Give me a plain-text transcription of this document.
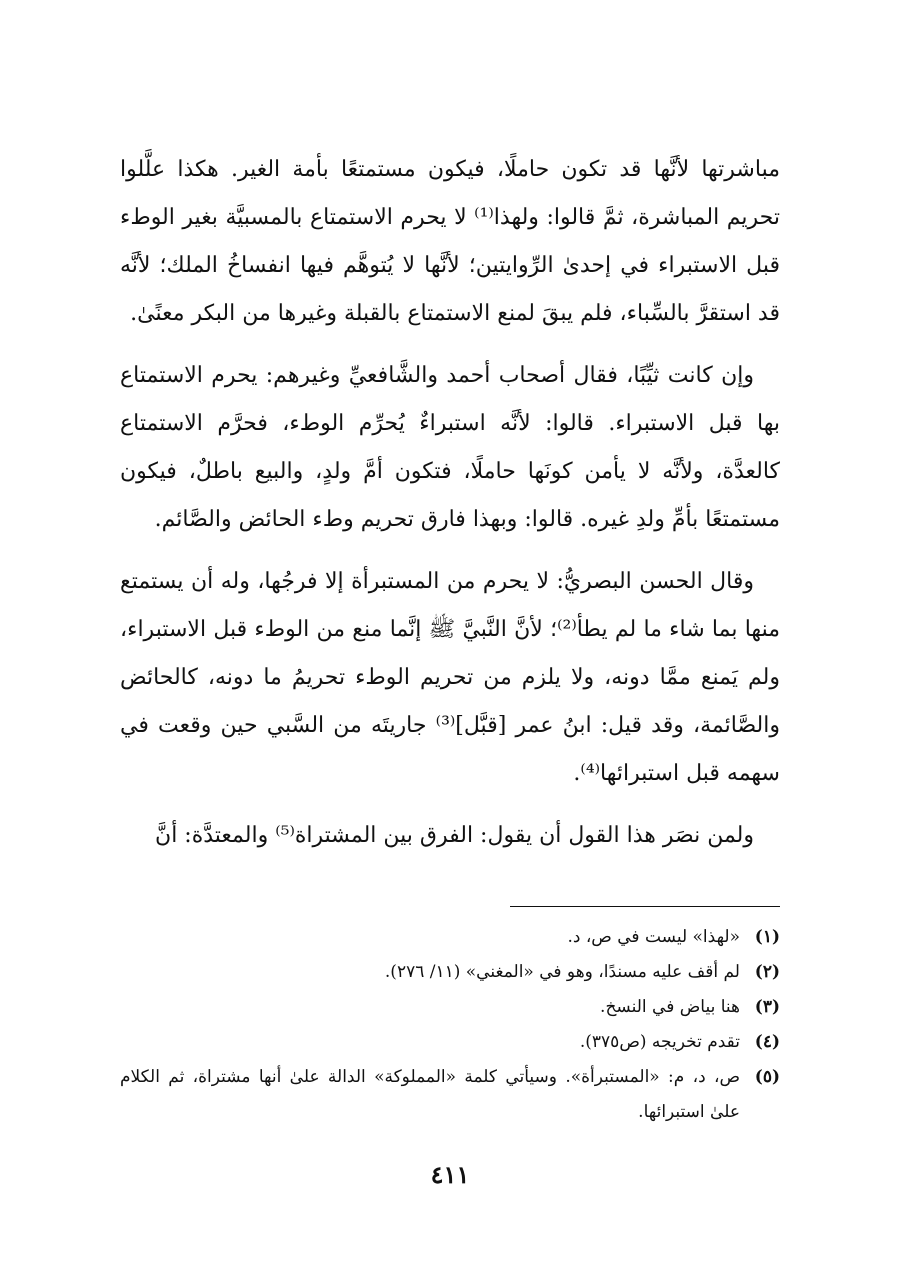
مباشرتها لأنَّها قد تكون حاملًا، فيكون مستمتعًا بأمة الغير. هكذا علَّلوا تحريم المباشرة، ثمَّ قالوا: ولهذا⁽¹⁾ لا يحرم الاستمتاع بالمسبيَّة بغير الوطء قبل الاستبراء في إحدىٰ الرِّوايتين؛ لأنَّها لا يُتوهَّم فيها انفساخُ الملك؛ لأنَّه قد استقرَّ بالسِّباء، فلم يبقَ لمنع الاستمتاع بالقبلة وغيرها من البكر معنًىٰ.

وإن كانت ثيِّبًا، فقال أصحاب أحمد والشَّافعيِّ وغيرهم: يحرم الاستمتاع بها قبل الاستبراء. قالوا: لأنَّه استبراءٌ يُحرِّم الوطء، فحرَّم الاستمتاع كالعدَّة، ولأنَّه لا يأمن كونَها حاملًا، فتكون أمَّ ولدٍ، والبيع باطلٌ، فيكون مستمتعًا بأمِّ ولدِ غيره. قالوا: وبهذا فارق تحريم وطء الحائض والصَّائم.

وقال الحسن البصريُّ: لا يحرم من المستبرأة إلا فرجُها، وله أن يستمتع منها بما شاء ما لم يطأ⁽²⁾؛ لأنَّ النَّبيَّ ﷺ إنَّما منع من الوطء قبل الاستبراء، ولم يَمنع ممَّا دونه، ولا يلزم من تحريم الوطء تحريمُ ما دونه، كالحائض والصَّائمة، وقد قيل: ابنُ عمر [قبَّل]⁽³⁾ جاريتَه من السَّبي حين وقعت في سهمه قبل استبرائها⁽⁴⁾.

ولمن نصَر هذا القول أن يقول: الفرق بين المشتراة⁽⁵⁾ والمعتدَّة: أنَّ

(١)
«لهذا» ليست في ص، د.
(٢)
لم أقف عليه مسندًا، وهو في «المغني» (١١/ ٢٧٦).
(٣)
هنا بياض في النسخ.
(٤)
تقدم تخريجه (ص٣٧٥).
(٥)
ص، د، م: «المستبرأة». وسيأتي كلمة «المملوكة» الدالة علىٰ أنها مشتراة، ثم الكلام علىٰ استبرائها.
٤١١
